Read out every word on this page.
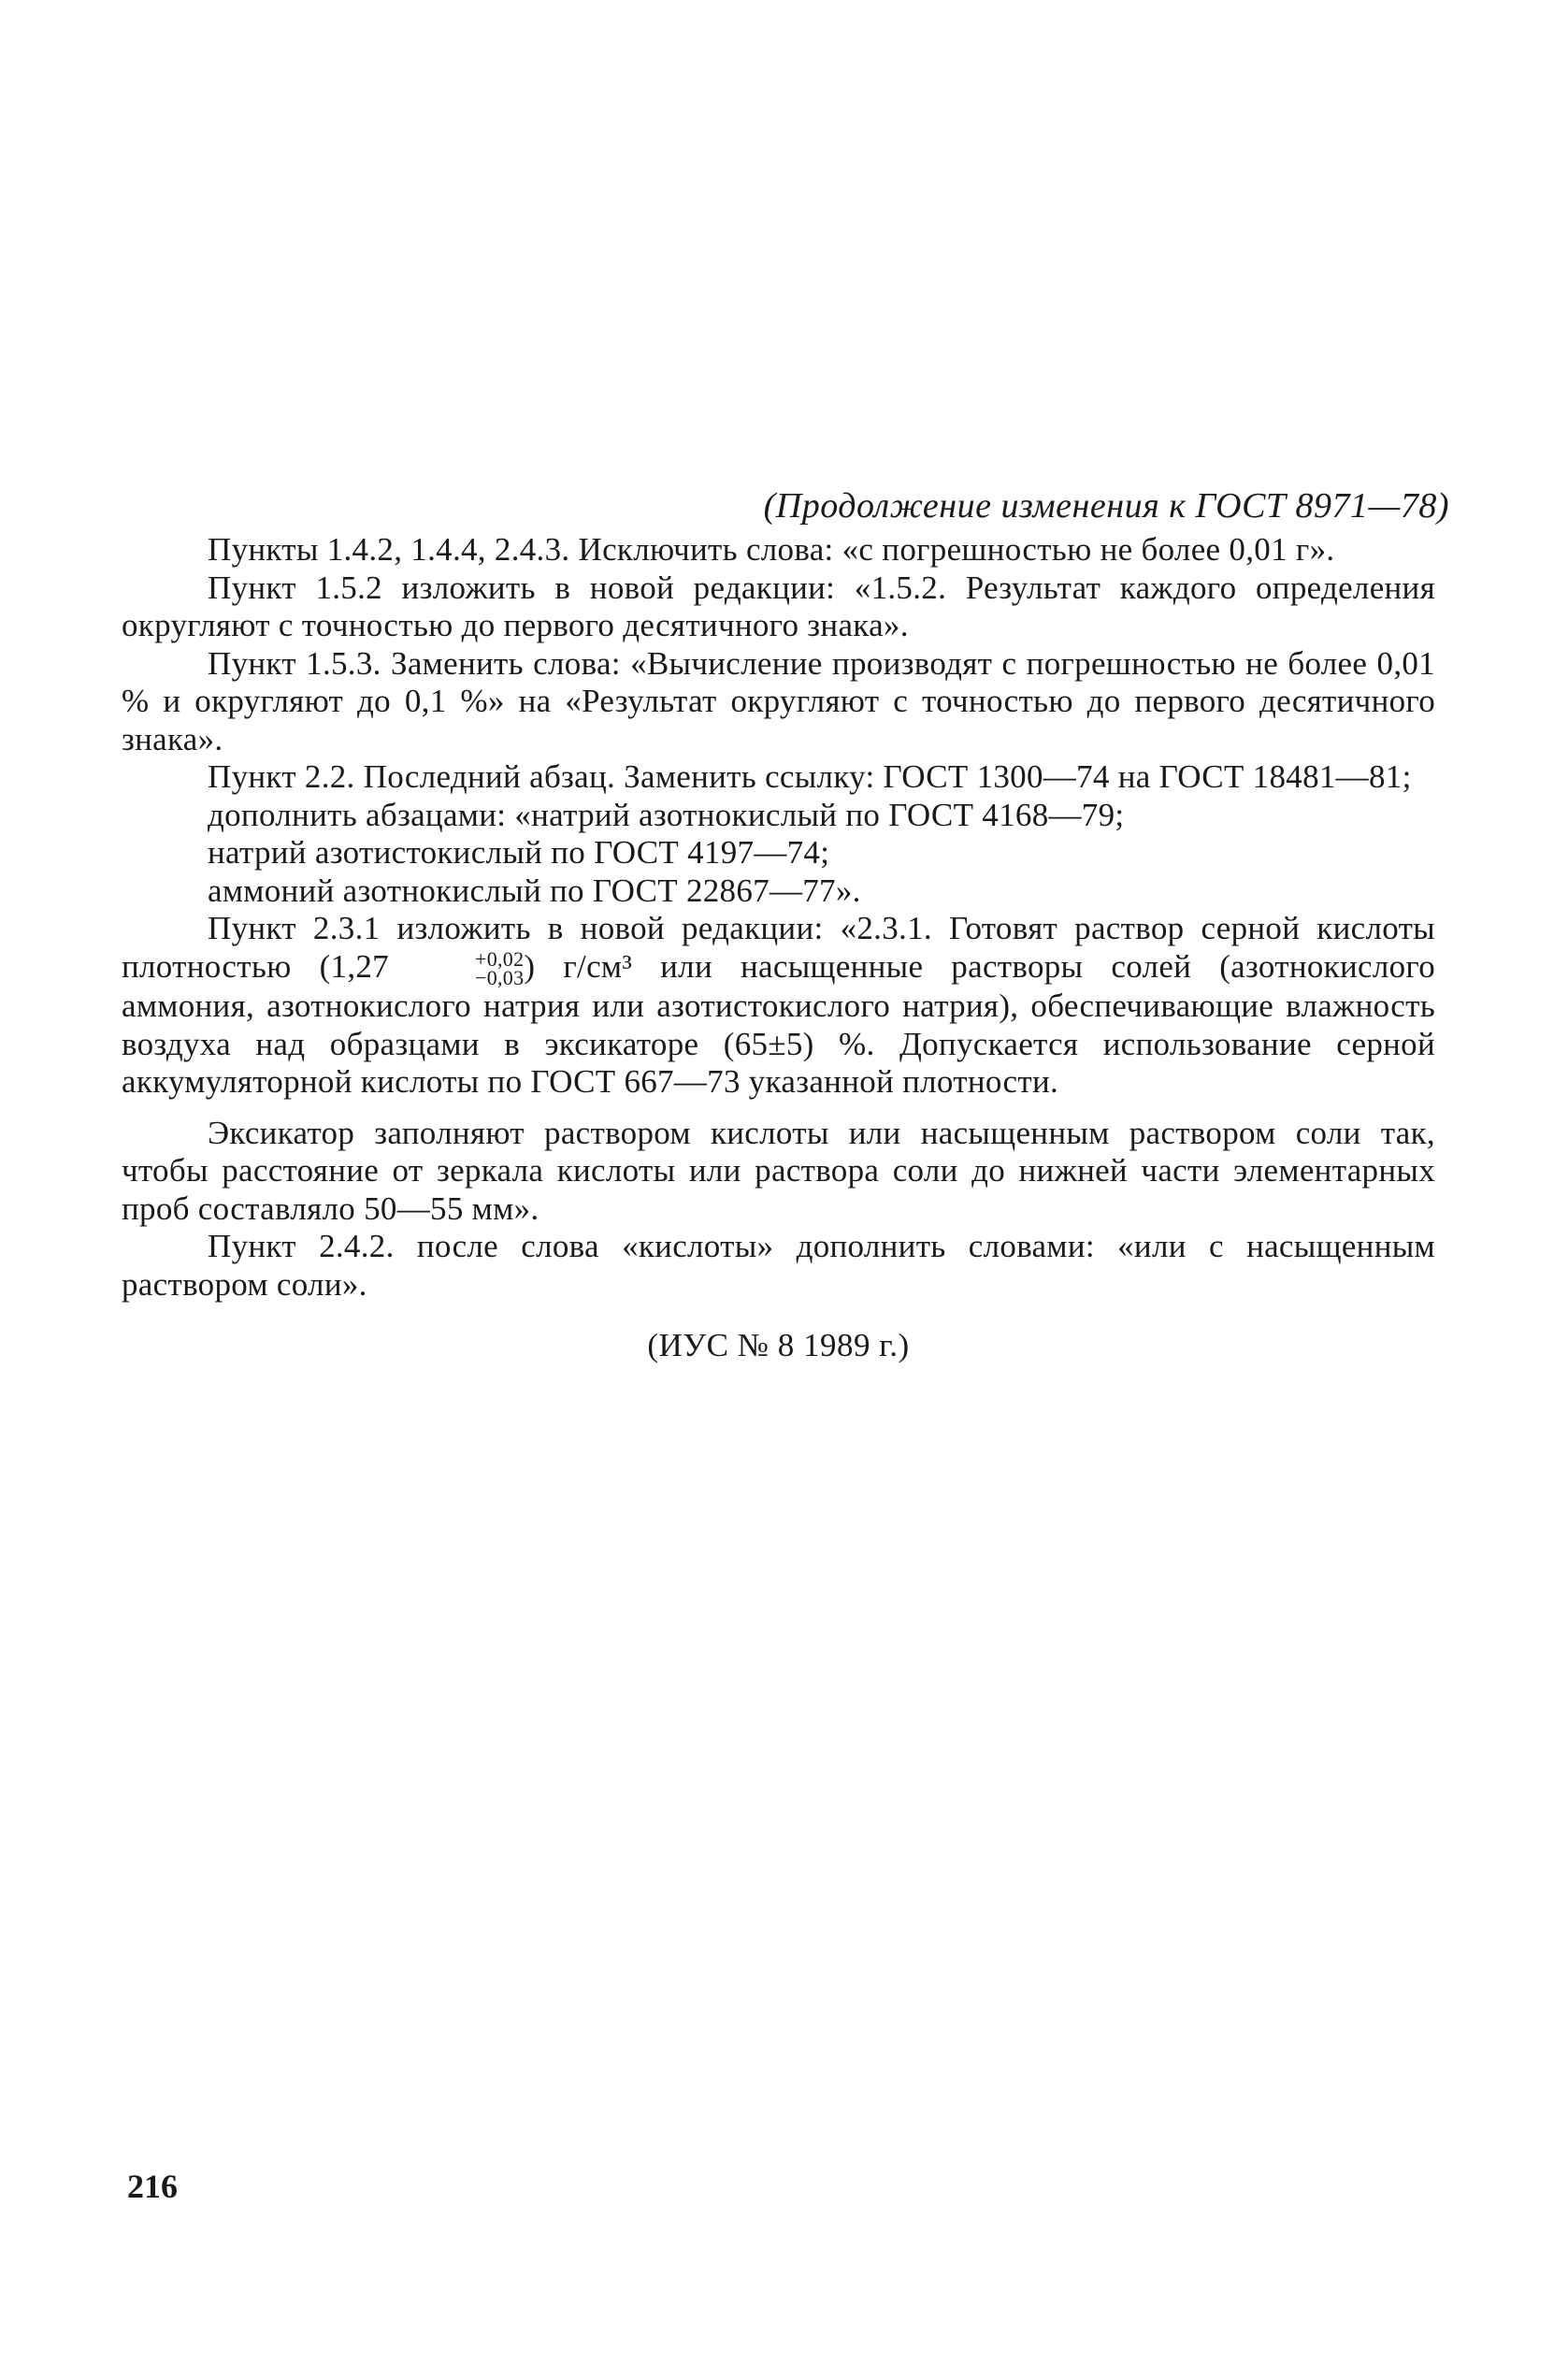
(Продолжение изменения к ГОСТ 8971—78)

Пункты 1.4.2, 1.4.4, 2.4.3. Исключить слова: «с погрешностью не более 0,01 г».

Пункт 1.5.2 изложить в новой редакции: «1.5.2. Результат каждого определения округляют с точностью до первого десятичного знака».

Пункт 1.5.3. Заменить слова: «Вычисление производят с погрешностью не более 0,01 % и округляют до 0,1 %» на «Результат округляют с точностью до первого десятичного знака».

Пункт 2.2. Последний абзац. Заменить ссылку: ГОСТ 1300—74 на ГОСТ 18481—81;

дополнить абзацами: «натрий азотнокислый по ГОСТ 4168—79;

натрий азотистокислый по ГОСТ 4197—74;

аммоний азотнокислый по ГОСТ 22867—77».

Пункт 2.3.1 изложить в новой редакции: «2.3.1. Готовят раствор серной кислоты плотностью (1,27	+0,02
−0,03 ) г/см³ или насыщенные растворы солей (азотнокислого аммония, азотнокислого натрия или азотистокислого натрия), обеспечивающие влажность воздуха над образцами в эксикаторе (65±5) %. Допускается использование серной аккумуляторной кислоты по ГОСТ 667—73 указанной плотности.

Эксикатор заполняют раствором кислоты или насыщенным раствором соли так, чтобы расстояние от зеркала кислоты или раствора соли до нижней части элементарных проб составляло 50—55 мм».

Пункт 2.4.2. после слова «кислоты» дополнить словами: «или с насыщенным раствором соли».

(ИУС № 8 1989 г.)
216
